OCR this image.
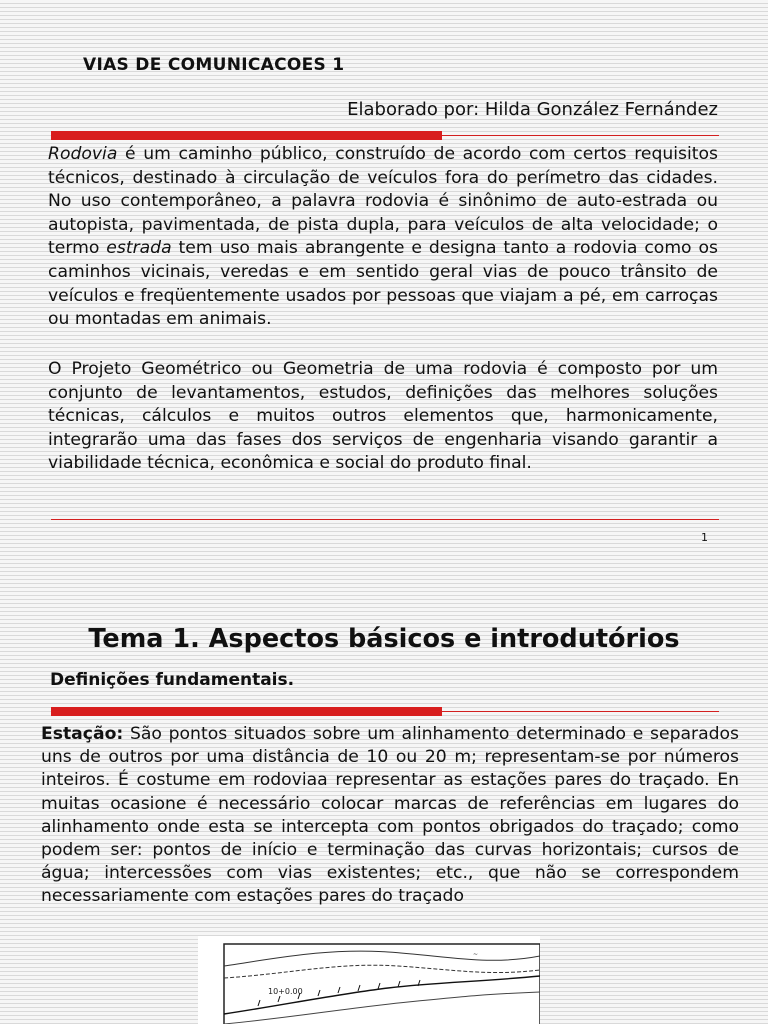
VIAS DE COMUNICACOES 1
Elaborado por: Hilda González Fernández
Rodovia é um caminho público, construído de acordo com certos requisitos técnicos, destinado à circulação de veículos fora do perímetro das cidades. No uso contemporâneo, a palavra rodovia é sinônimo de auto-estrada ou autopista, pavimentada, de pista dupla, para veículos de alta velocidade; o termo estrada tem uso mais abrangente e designa tanto a rodovia como os caminhos vicinais, veredas e em sentido geral vias de pouco trânsito de veículos e freqüentemente usados por pessoas que viajam a pé, em carroças ou montadas em animais.
O Projeto Geométrico ou Geometria de uma rodovia é composto por um conjunto de levantamentos, estudos, definições das melhores soluções técnicas, cálculos e muitos outros elementos que, harmonicamente, integrarão uma das fases dos serviços de engenharia visando garantir a viabilidade técnica, econômica e social do produto final.
1
Tema 1. Aspectos básicos e introdutórios
Definições fundamentais.
Estação: São pontos situados sobre um alinhamento determinado e separados uns de outros por uma distância de 10 ou 20 m; representam-se por números inteiros. É costume em rodoviaa representar as estações pares do traçado. En muitas ocasione é necessário colocar marcas de referências em lugares do alinhamento onde esta se intercepta com pontos obrigados do traçado; como podem ser: pontos de início e terminação das curvas horizontais; cursos de água; intercessões com vias existentes; etc., que não se correspondem necessariamente com estações pares do traçado
10+0.00
~
